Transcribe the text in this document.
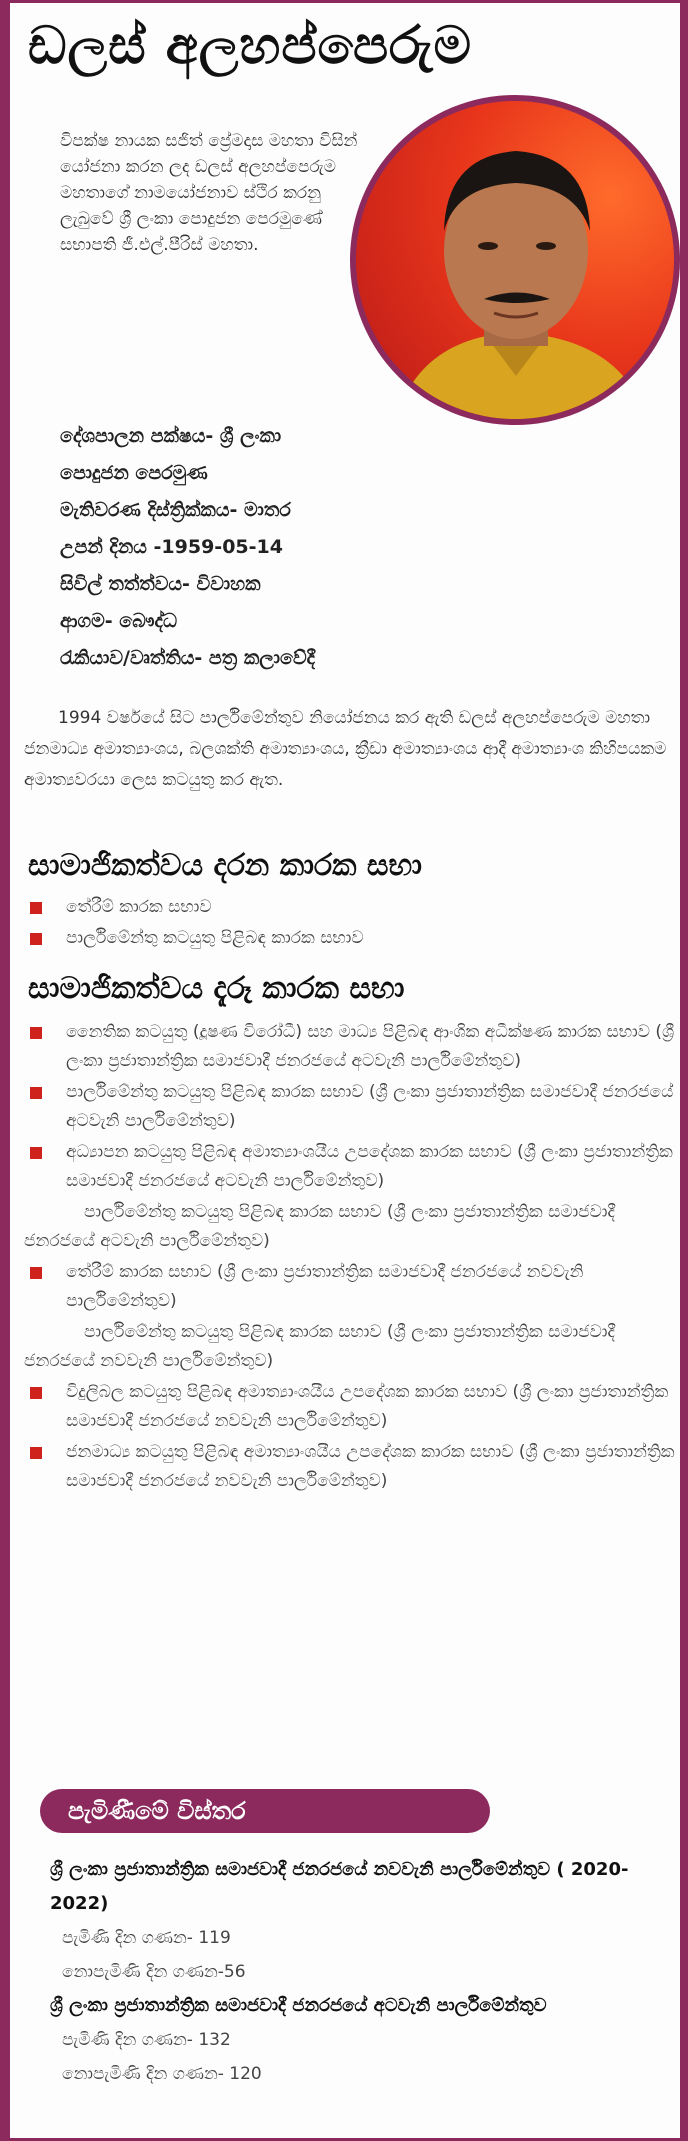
ඩලස් අලහප්පෙරුම
විපක්ෂ නායක සජිත් ප්‍රේමදාස මහතා විසින් යෝජනා කරන ලද ඩලස් අලහප්පෙරුම මහතාගේ නාමයෝජනාව ස්ථිර කරනු ලැබුවේ ශ්‍රී ලංකා පොදුජන පෙරමුණේ සභාපති ජී.එල්.පීරිස් මහතා.
දේශපාලන පක්ෂය- ශ්‍රී ලංකා
පොදුජන පෙරමුණ
මැතිවරණ දිස්ත්‍රික්කය- මාතර
උපන් දිනය -1959-05-14
සිවිල් තත්ත්වය- විවාහක
ආගම- බෞද්ධ
රැකියාව/වෘත්තිය- පත්‍ර කලාවේදී
1994 වර්ෂයේ සිට පාර්ලිමේන්තුව නියෝජනය කර ඇති ඩලස් අලහප්පෙරුම මහතා ජනමාධ්‍ය අමාත්‍යාංශය, බලශක්ති අමාත්‍යාංශය, ක්‍රීඩා අමාත්‍යාංශය ආදී අමාත්‍යාංශ කිහිපයකම අමාත්‍යවරයා ලෙස කටයුතු කර ඇත.
සාමාජිකත්වය දරන කාරක සභා
තේරීම් කාරක සභාව
පාර්ලිමේන්තු කටයුතු පිළිබඳ කාරක සභාව
සාමාජිකත්වය දැරූ කාරක සභා
නෛතික කටයුතු (දූෂණ විරෝධී) සහ මාධ්‍ය පිළිබඳ ආංශික අධීක්ෂණ කාරක සභාව (ශ්‍රී ලංකා ප්‍රජාතාන්ත්‍රික සමාජවාදී ජනරජයේ අටවැනි පාර්ලිමේන්තුව)
පාර්ලිමේන්තු කටයුතු පිළිබඳ කාරක සභාව (ශ්‍රී ලංකා ප්‍රජාතාන්ත්‍රික සමාජවාදී ජනරජයේ අටවැනි පාර්ලිමේන්තුව)
අධ්‍යාපන කටයුතු පිළිබඳ අමාත්‍යාංශයීය උපදේශක කාරක සභාව (ශ්‍රී ලංකා ප්‍රජාතාන්ත්‍රික සමාජවාදී ජනරජයේ අටවැනි පාර්ලිමේන්තුව)
පාර්ලිමේන්තු කටයුතු පිළිබඳ කාරක සභාව (ශ්‍රී ලංකා ප්‍රජාතාන්ත්‍රික සමාජවාදී ජනරජයේ අටවැනි පාර්ලිමේන්තුව)
තේරීම් කාරක සභාව (ශ්‍රී ලංකා ප්‍රජාතාන්ත්‍රික සමාජවාදී ජනරජයේ නවවැනි පාර්ලිමේන්තුව)
පාර්ලිමේන්තු කටයුතු පිළිබඳ කාරක සභාව (ශ්‍රී ලංකා ප්‍රජාතාන්ත්‍රික සමාජවාදී ජනරජයේ නවවැනි පාර්ලිමේන්තුව)
විදුලිබල කටයුතු පිළිබඳ අමාත්‍යාංශයීය උපදේශක කාරක සභාව (ශ්‍රී ලංකා ප්‍රජාතාන්ත්‍රික සමාජවාදී ජනරජයේ නවවැනි පාර්ලිමේන්තුව)
ජනමාධ්‍ය කටයුතු පිළිබඳ අමාත්‍යාංශයීය උපදේශක කාරක සභාව (ශ්‍රී ලංකා ප්‍රජාතාන්ත්‍රික සමාජවාදී ජනරජයේ නවවැනි පාර්ලිමේන්තුව)
පැමිණීමේ විස්තර
ශ්‍රී ලංකා ප්‍රජාතාන්ත්‍රික සමාජවාදී ජනරජයේ නවවැනි පාර්ලිමේන්තුව ( 2020-2022)
පැමිණි දින ගණන- 119
නොපැමිණි දින ගණන-56
ශ්‍රී ලංකා ප්‍රජාතාන්ත්‍රික සමාජවාදී ජනරජයේ අටවැනි පාර්ලිමේන්තුව
පැමිණි දින ගණන- 132
නොපැමිණි දින ගණන- 120
